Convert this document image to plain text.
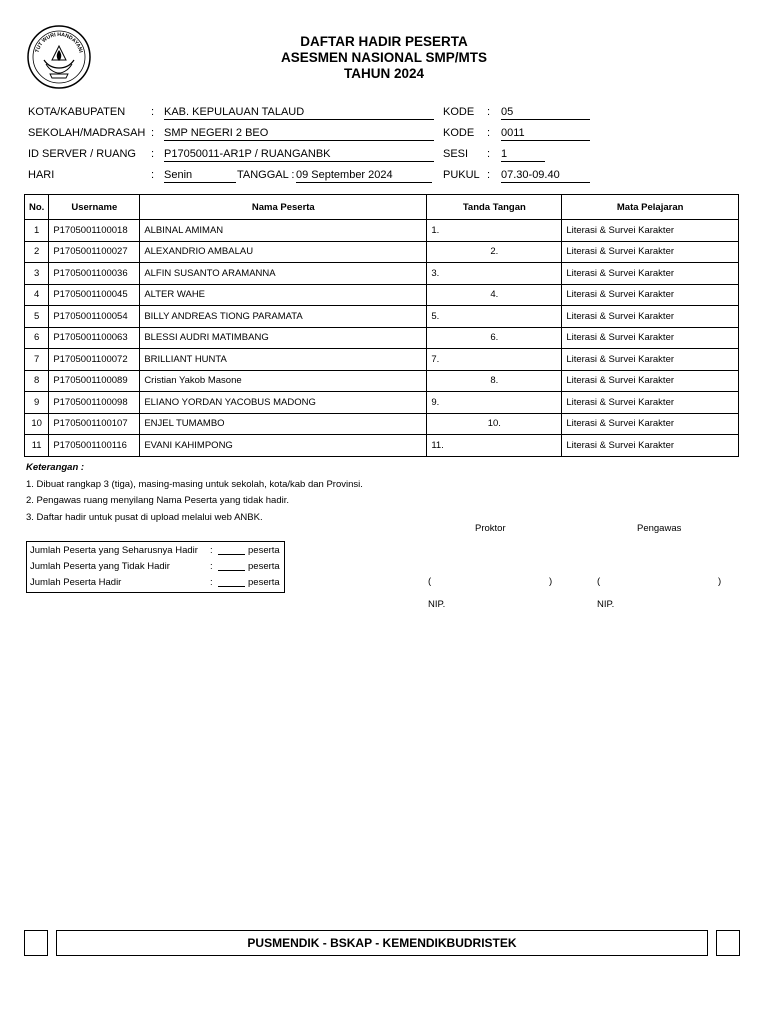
TUT WURI HANDAYANI
DAFTAR HADIR PESERTA
ASESMEN NASIONAL SMP/MTS
TAHUN 2024
KOTA/KABUPATEN : KAB. KEPULAUAN TALAUD
SEKOLAH/MADRASAH : SMP NEGERI 2 BEO
ID SERVER / RUANG : P17050011-AR1P / RUANGANBK
HARI	: Senin	TANGGAL : 09 September 2024
KODE : 05
KODE : 0011
SESI : 1
PUKUL : 07.30-09.40
No.	Username	Nama Peserta	Tanda Tangan	Mata Pelajaran
1	P1705001100018	ALBINAL AMIMAN	1.	Literasi & Survei Karakter
2	P1705001100027	ALEXANDRIO AMBALAU	2.	Literasi & Survei Karakter
3	P1705001100036	ALFIN SUSANTO ARAMANNA	3.	Literasi & Survei Karakter
4	P1705001100045	ALTER WAHE	4.	Literasi & Survei Karakter
5	P1705001100054	BILLY ANDREAS TIONG PARAMATA	5.	Literasi & Survei Karakter
6	P1705001100063	BLESSI AUDRI MATIMBANG	6.	Literasi & Survei Karakter
7	P1705001100072	BRILLIANT HUNTA	7.	Literasi & Survei Karakter
8	P1705001100089	Cristian Yakob Masone	8.	Literasi & Survei Karakter
9	P1705001100098	ELIANO YORDAN YACOBUS MADONG	9.	Literasi & Survei Karakter
10	P1705001100107	ENJEL TUMAMBO	10.	Literasi & Survei Karakter
11	P1705001100116	EVANI KAHIMPONG	11.	Literasi & Survei Karakter
Keterangan :
1. Dibuat rangkap 3 (tiga), masing-masing untuk sekolah, kota/kab dan Provinsi.
2. Pengawas ruang menyilang Nama Peserta yang tidak hadir.
3. Daftar hadir untuk pusat di upload melalui web ANBK.
Jumlah Peserta yang Seharusnya Hadir :	peserta
Jumlah Peserta yang Tidak Hadir	:	peserta
Jumlah Peserta Hadir	:	peserta
Proktor	Pengawas
(	)	(	)
NIP.	NIP.
PUSMENDIK - BSKAP - KEMENDIKBUDRISTEK
